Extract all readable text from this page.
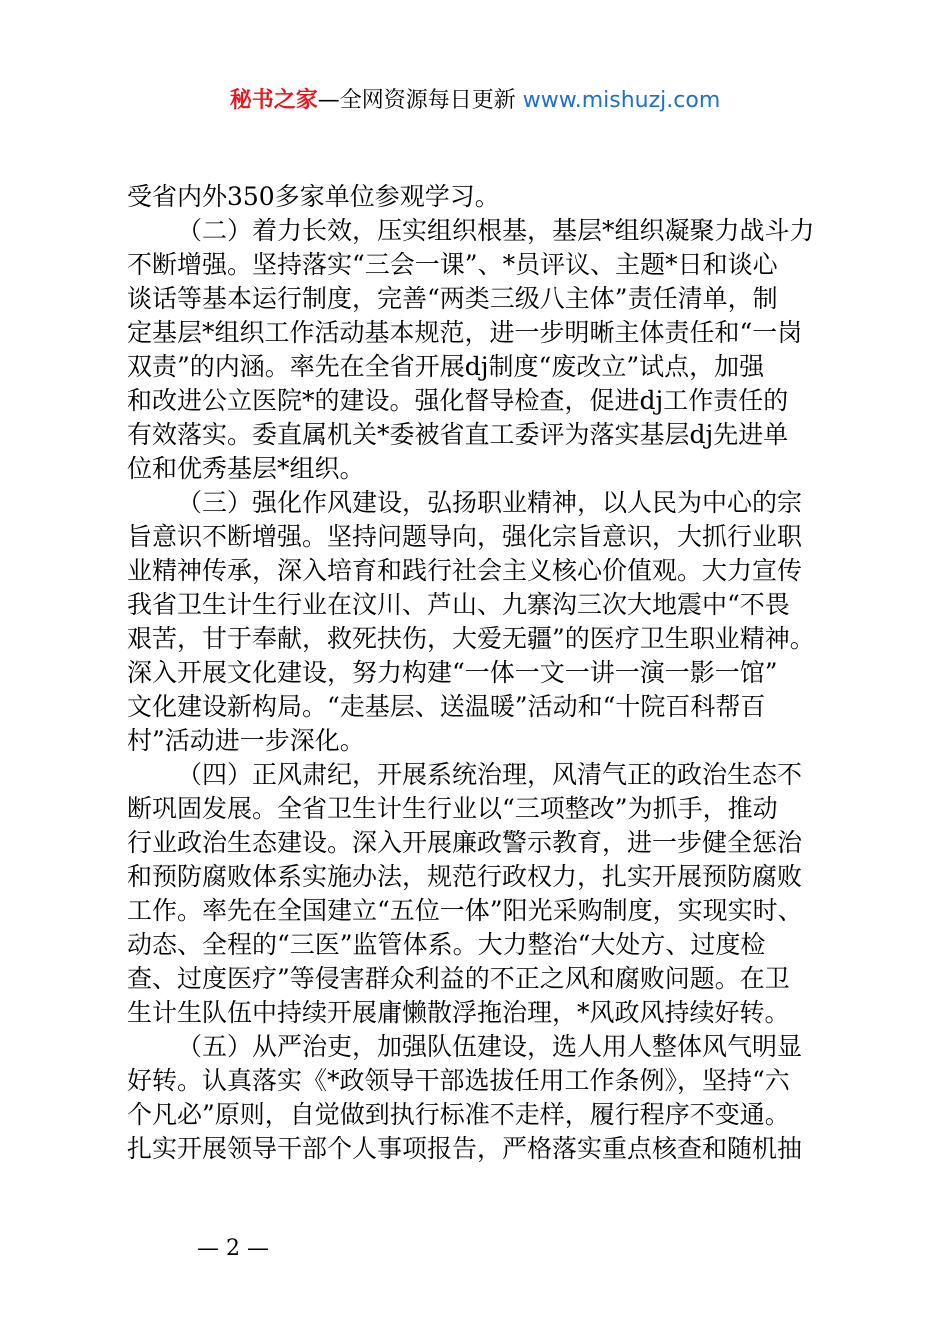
秘书之家—全网资源每日更新 www.mishuzj.com
受省内外350多家单位参观学习。
（二）着力长效，压实组织根基，基层*组织凝聚力战斗力
不断增强。坚持落实“三会一课”、*员评议、主题*日和谈心
谈话等基本运行制度，完善“两类三级八主体”责任清单，制
定基层*组织工作活动基本规范，进一步明晰主体责任和“一岗
双责”的内涵。率先在全省开展dj制度“废改立”试点，加强
和改进公立医院*的建设。强化督导检查，促进dj工作责任的
有效落实。委直属机关*委被省直工委评为落实基层dj先进单
位和优秀基层*组织。
（三）强化作风建设，弘扬职业精神，以人民为中心的宗
旨意识不断增强。坚持问题导向，强化宗旨意识，大抓行业职
业精神传承，深入培育和践行社会主义核心价值观。大力宣传
我省卫生计生行业在汶川、芦山、九寨沟三次大地震中“不畏
艰苦，甘于奉献，救死扶伤，大爱无疆”的医疗卫生职业精神。
深入开展文化建设，努力构建“一体一文一讲一演一影一馆”
文化建设新构局。“走基层、送温暖”活动和“十院百科帮百
村”活动进一步深化。
（四）正风肃纪，开展系统治理，风清气正的政治生态不
断巩固发展。全省卫生计生行业以“三项整改”为抓手，推动
行业政治生态建设。深入开展廉政警示教育，进一步健全惩治
和预防腐败体系实施办法，规范行政权力，扎实开展预防腐败
工作。率先在全国建立“五位一体”阳光采购制度，实现实时、
动态、全程的“三医”监管体系。大力整治“大处方、过度检
查、过度医疗”等侵害群众利益的不正之风和腐败问题。在卫
生计生队伍中持续开展庸懒散浮拖治理，*风政风持续好转。
（五）从严治吏，加强队伍建设，选人用人整体风气明显
好转。认真落实《*政领导干部选拔任用工作条例》，坚持“六
个凡必”原则，自觉做到执行标准不走样，履行程序不变通。
扎实开展领导干部个人事项报告，严格落实重点核查和随机抽
— 2 —
